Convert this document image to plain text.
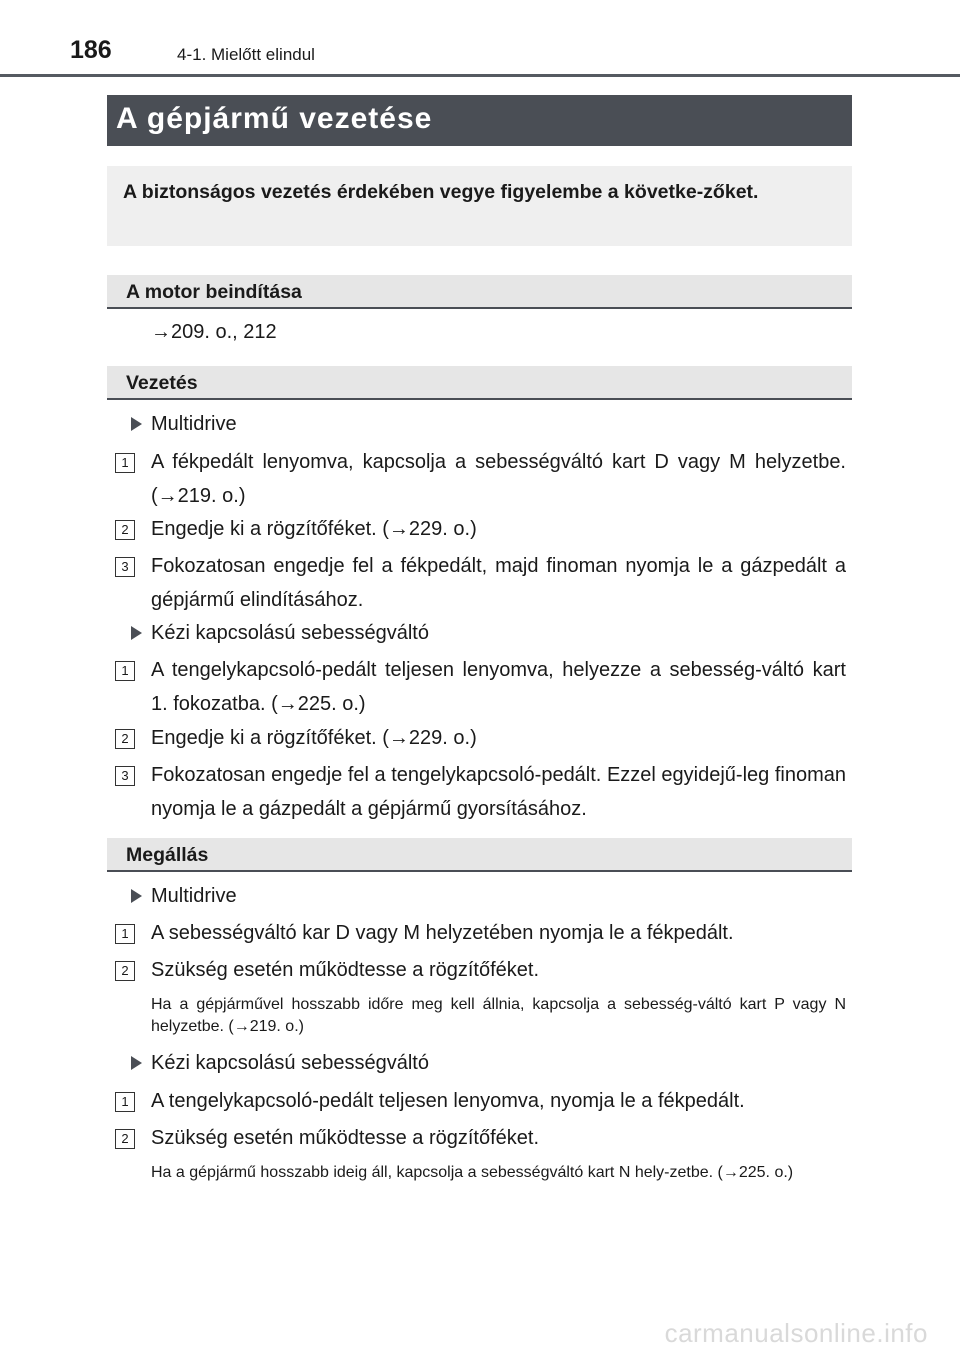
186	4-1. Mielőtt elindul
A gépjármű vezetése
A biztonságos vezetés érdekében vegye figyelembe a követke-zőket.
A motor beindítása
→209. o., 212
Vezetés
Multidrive
1	A fékpedált lenyomva, kapcsolja a sebességváltó kart D vagy M helyzetbe. (→219. o.)
2	Engedje ki a rögzítőféket. (→229. o.)
3	Fokozatosan engedje fel a fékpedált, majd finoman nyomja le a gázpedált a gépjármű elindításához.
Kézi kapcsolású sebességváltó
1	A tengelykapcsoló-pedált teljesen lenyomva, helyezze a sebesség-váltó kart 1. fokozatba. (→225. o.)
2	Engedje ki a rögzítőféket. (→229. o.)
3	Fokozatosan engedje fel a tengelykapcsoló-pedált. Ezzel egyidejű-leg finoman nyomja le a gázpedált a gépjármű gyorsításához.
Megállás
Multidrive
1	A sebességváltó kar D vagy M helyzetében nyomja le a fékpedált.
2	Szükség esetén működtesse a rögzítőféket.
Ha a gépjárművel hosszabb időre meg kell állnia, kapcsolja a sebesség-váltó kart P vagy N helyzetbe. (→219. o.)
Kézi kapcsolású sebességváltó
1	A tengelykapcsoló-pedált teljesen lenyomva, nyomja le a fékpedált.
2	Szükség esetén működtesse a rögzítőféket.
Ha a gépjármű hosszabb ideig áll, kapcsolja a sebességváltó kart N hely-zetbe. (→225. o.)
carmanualsonline.info
